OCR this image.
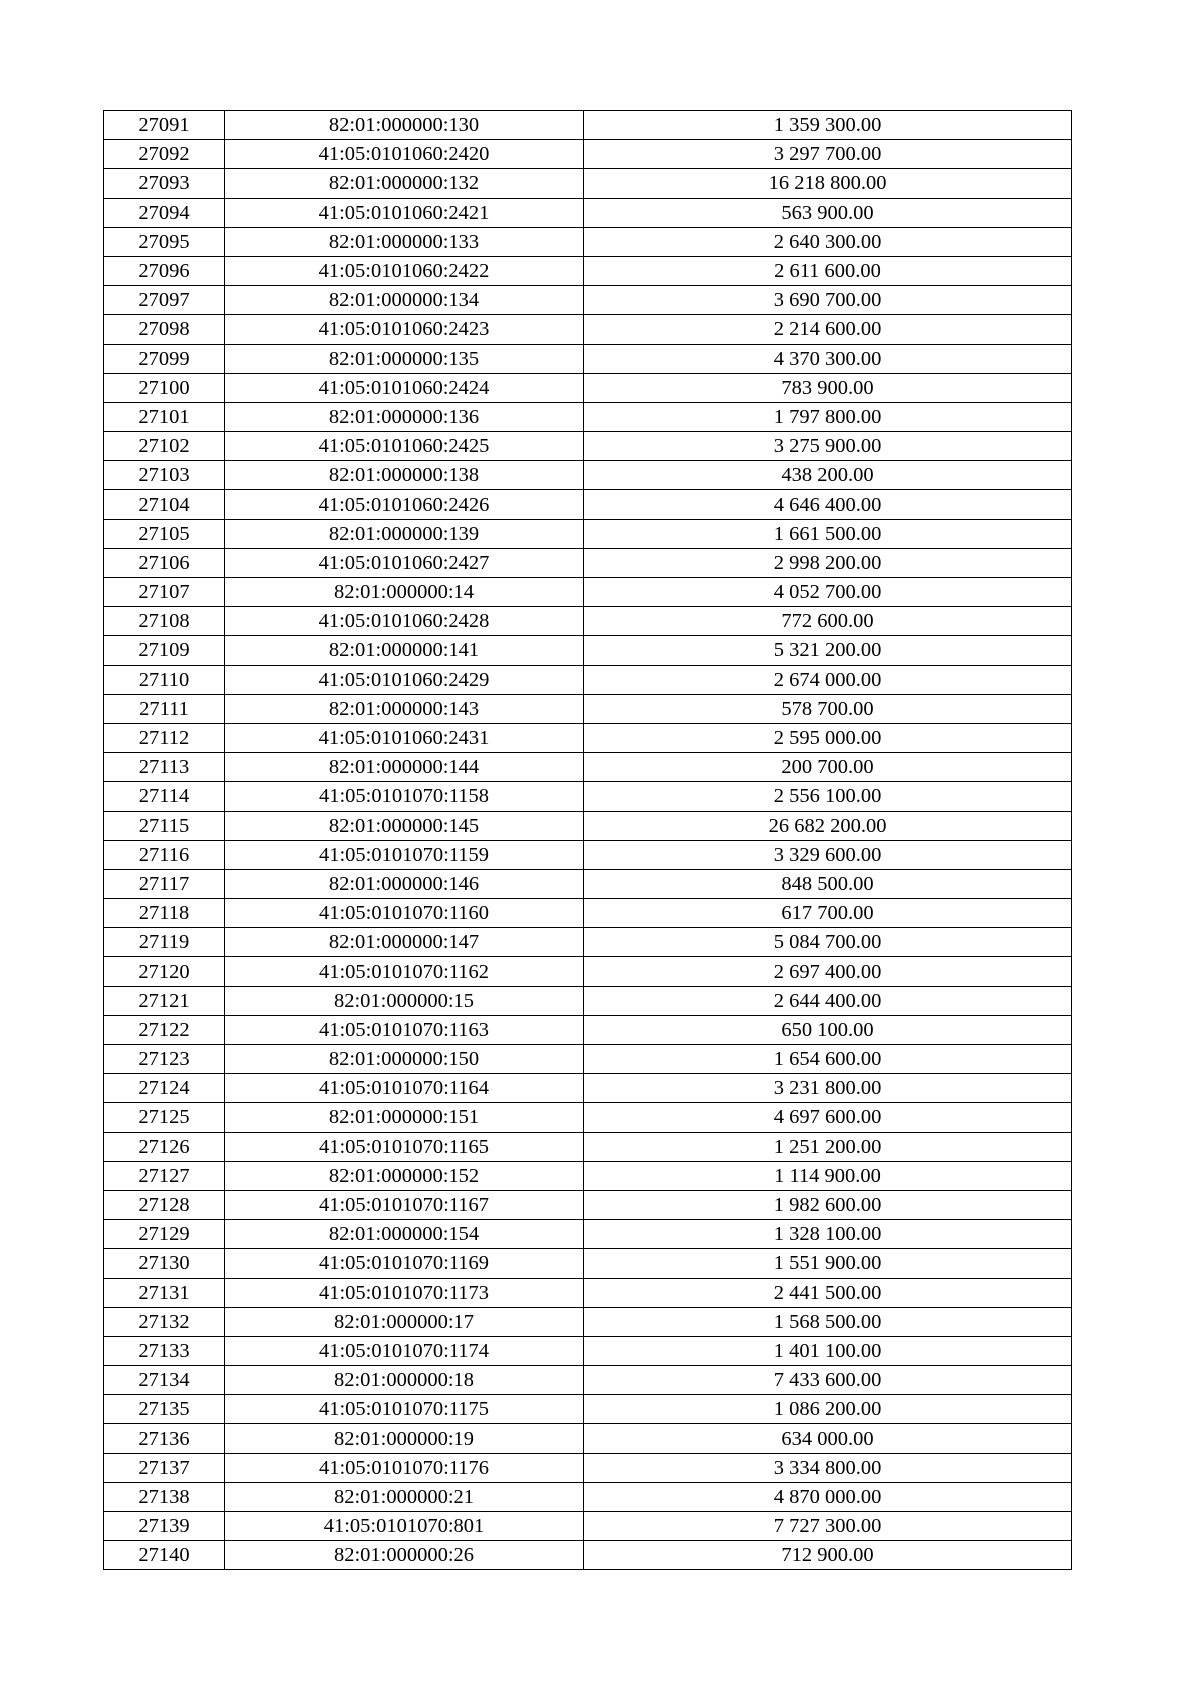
27091	82:01:000000:130	1 359 300.00
27092	41:05:0101060:2420	3 297 700.00
27093	82:01:000000:132	16 218 800.00
27094	41:05:0101060:2421	563 900.00
27095	82:01:000000:133	2 640 300.00
27096	41:05:0101060:2422	2 611 600.00
27097	82:01:000000:134	3 690 700.00
27098	41:05:0101060:2423	2 214 600.00
27099	82:01:000000:135	4 370 300.00
27100	41:05:0101060:2424	783 900.00
27101	82:01:000000:136	1 797 800.00
27102	41:05:0101060:2425	3 275 900.00
27103	82:01:000000:138	438 200.00
27104	41:05:0101060:2426	4 646 400.00
27105	82:01:000000:139	1 661 500.00
27106	41:05:0101060:2427	2 998 200.00
27107	82:01:000000:14	4 052 700.00
27108	41:05:0101060:2428	772 600.00
27109	82:01:000000:141	5 321 200.00
27110	41:05:0101060:2429	2 674 000.00
27111	82:01:000000:143	578 700.00
27112	41:05:0101060:2431	2 595 000.00
27113	82:01:000000:144	200 700.00
27114	41:05:0101070:1158	2 556 100.00
27115	82:01:000000:145	26 682 200.00
27116	41:05:0101070:1159	3 329 600.00
27117	82:01:000000:146	848 500.00
27118	41:05:0101070:1160	617 700.00
27119	82:01:000000:147	5 084 700.00
27120	41:05:0101070:1162	2 697 400.00
27121	82:01:000000:15	2 644 400.00
27122	41:05:0101070:1163	650 100.00
27123	82:01:000000:150	1 654 600.00
27124	41:05:0101070:1164	3 231 800.00
27125	82:01:000000:151	4 697 600.00
27126	41:05:0101070:1165	1 251 200.00
27127	82:01:000000:152	1 114 900.00
27128	41:05:0101070:1167	1 982 600.00
27129	82:01:000000:154	1 328 100.00
27130	41:05:0101070:1169	1 551 900.00
27131	41:05:0101070:1173	2 441 500.00
27132	82:01:000000:17	1 568 500.00
27133	41:05:0101070:1174	1 401 100.00
27134	82:01:000000:18	7 433 600.00
27135	41:05:0101070:1175	1 086 200.00
27136	82:01:000000:19	634 000.00
27137	41:05:0101070:1176	3 334 800.00
27138	82:01:000000:21	4 870 000.00
27139	41:05:0101070:801	7 727 300.00
27140	82:01:000000:26	712 900.00
